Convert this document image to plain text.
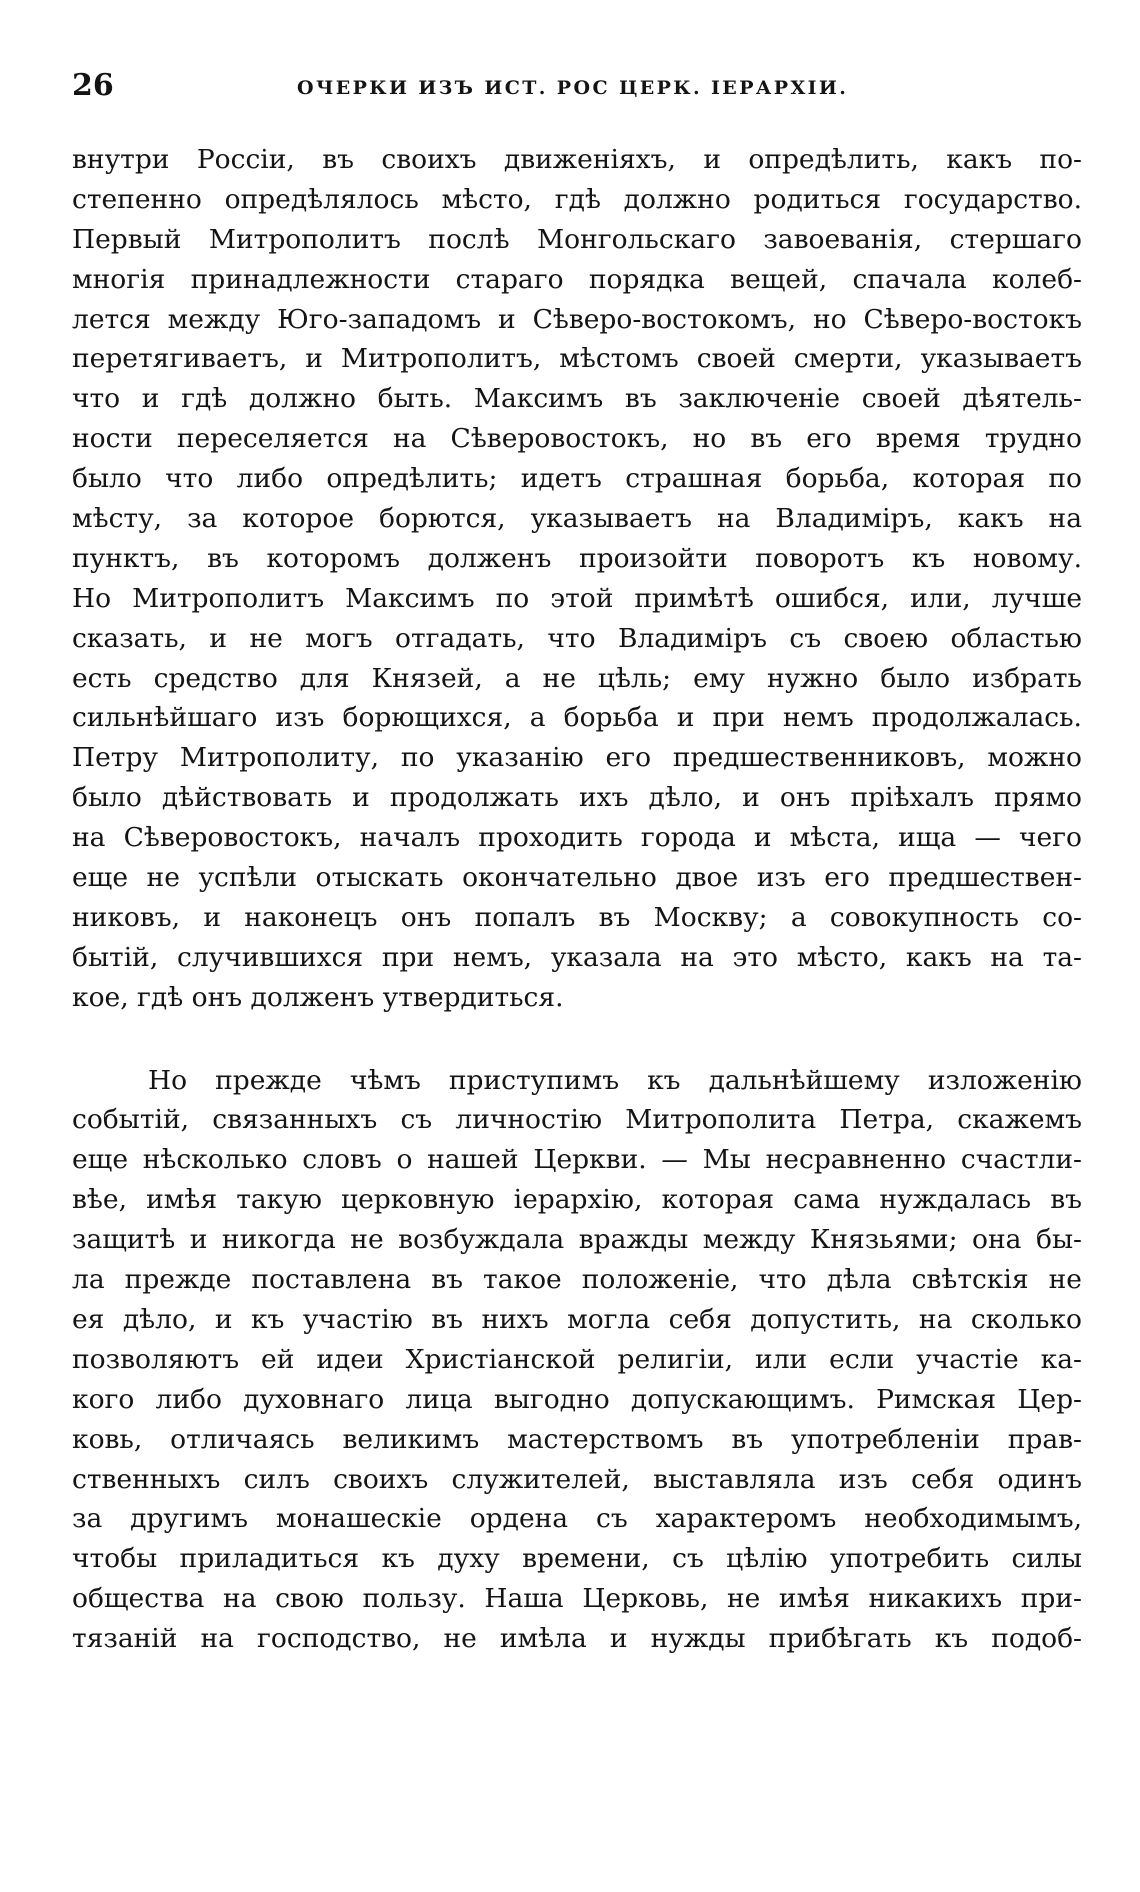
26	ОЧЕРКИ ИЗЪ ИСТ. РОС ЦЕРК. IЕРАРХIИ.
внутри Россiи, въ своихъ движенiяхъ, и опредѣлить, какъ по-
степенно опредѣлялось мѣсто, гдѣ должно родиться государство.
Первый Митрополитъ послѣ Монгольскаго завоеванiя, стершаго
многiя принадлежности стараго порядка вещей, спачала колеб-
лется между Юго-западомъ и Сѣверо-востокомъ, но Сѣверо-востокъ
перетягиваетъ, и Митрополитъ, мѣстомъ своей смерти, указываетъ
что и гдѣ должно быть. Максимъ въ заключенiе своей дѣятель-
ности переселяется на Сѣверовостокъ, но въ его время трудно
было что либо опредѣлить; идетъ страшная борьба, которая по
мѣсту, за которое борются, указываетъ на Владимiръ, какъ на
пунктъ, въ которомъ долженъ произойти поворотъ къ новому.
Но Митрополитъ Максимъ по этой примѣтѣ ошибся, или, лучше
сказать, и не могъ отгадать, что Владимiръ съ своею областью
есть средство для Князей, а не цѣль; ему нужно было избрать
сильнѣйшаго изъ борющихся, а борьба и при немъ продолжалась.
Петру Митрополиту, по указанiю его предшественниковъ, можно
было дѣйствовать и продолжать ихъ дѣло, и онъ прiѣхалъ прямо
на Сѣверовостокъ, началъ проходить города и мѣста, ища — чего
еще не успѣли отыскать окончательно двое изъ его предшествен-
никовъ, и наконецъ онъ попалъ въ Москву; а совокупность со-
бытiй, случившихся при немъ, указала на это мѣсто, какъ на та-
кое, гдѣ онъ долженъ утвердиться.
Но прежде чѣмъ приступимъ къ дальнѣйшему изложенiю
событiй, связанныхъ съ личностiю Митрополита Петра, скажемъ
еще нѣсколько словъ о нашей Церкви. — Мы несравненно счастли-
вѣе, имѣя такую церковную iерархiю, которая сама нуждалась въ
защитѣ и никогда не возбуждала вражды между Князьями; она бы-
ла прежде поставлена въ такое положенiе, что дѣла свѣтскiя не
ея дѣло, и къ участiю въ нихъ могла себя допустить, на сколько
позволяютъ ей идеи Христiанской религiи, или если участiе ка-
кого либо духовнаго лица выгодно допускающимъ. Римская Цер-
ковь, отличаясь великимъ мастерствомъ въ употребленiи прав-
ственныхъ силъ своихъ служителей, выставляла изъ себя одинъ
за другимъ монашескiе ордена съ характеромъ необходимымъ,
чтобы приладиться къ духу времени, съ цѣлiю употребить силы
общества на свою пользу. Наша Церковь, не имѣя никакихъ при-
тязанiй на господство, не имѣла и нужды прибѣгать къ подоб-
